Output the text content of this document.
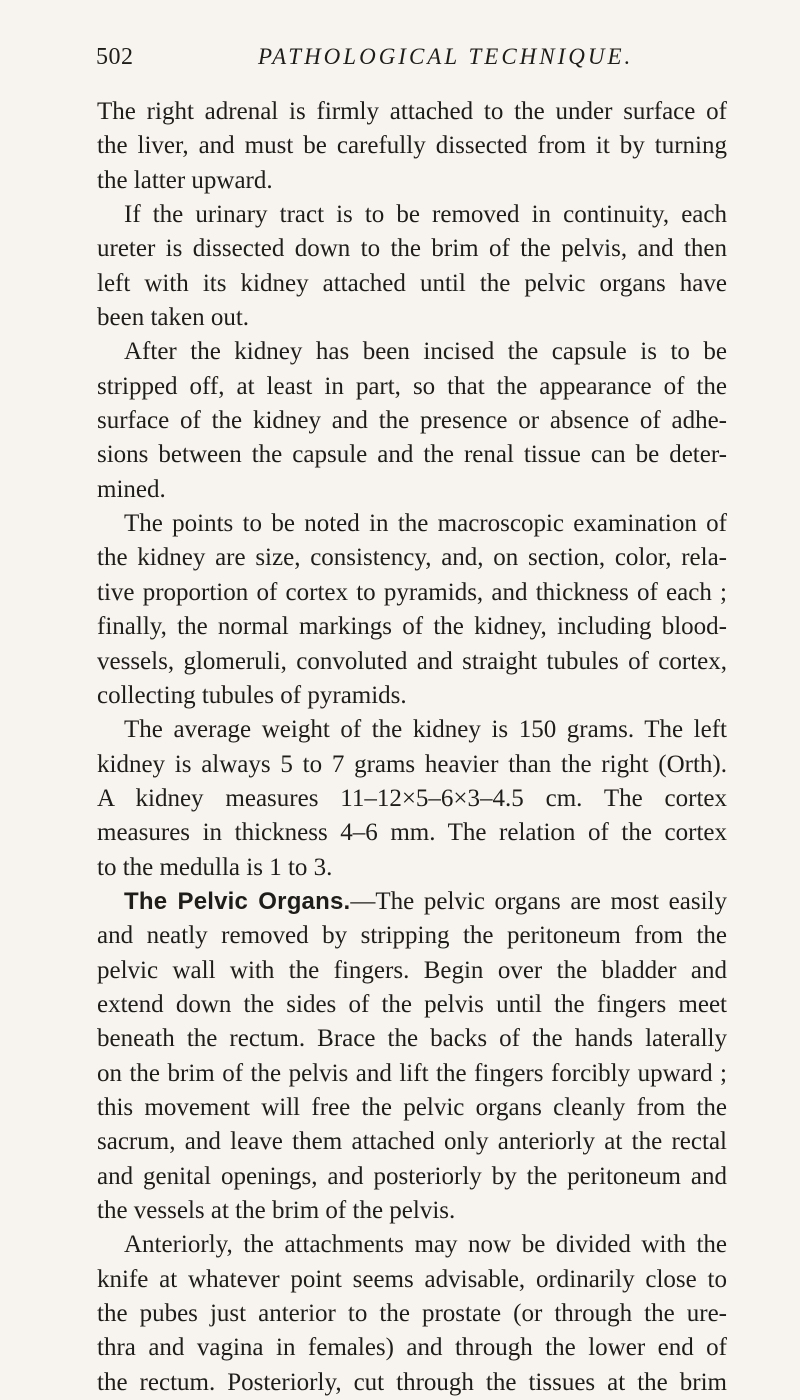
502	PATHOLOGICAL TECHNIQUE.
The right adrenal is firmly attached to the under surface of
the liver, and must be carefully dissected from it by turning
the latter upward.
If the urinary tract is to be removed in continuity, each
ureter is dissected down to the brim of the pelvis, and then
left with its kidney attached until the pelvic organs have
been taken out.
After the kidney has been incised the capsule is to be
stripped off, at least in part, so that the appearance of the
surface of the kidney and the presence or absence of adhe-
sions between the capsule and the renal tissue can be deter-
mined.
The points to be noted in the macroscopic examination of
the kidney are size, consistency, and, on section, color, rela-
tive proportion of cortex to pyramids, and thickness of each ;
finally, the normal markings of the kidney, including blood-
vessels, glomeruli, convoluted and straight tubules of cortex,
collecting tubules of pyramids.
The average weight of the kidney is 150 grams. The left
kidney is always 5 to 7 grams heavier than the right (Orth).
A kidney measures 11–12×5–6×3–4.5 cm. The cortex
measures in thickness 4–6 mm. The relation of the cortex
to the medulla is 1 to 3.
The Pelvic Organs.—The pelvic organs are most easily
and neatly removed by stripping the peritoneum from the
pelvic wall with the fingers. Begin over the bladder and
extend down the sides of the pelvis until the fingers meet
beneath the rectum. Brace the backs of the hands laterally
on the brim of the pelvis and lift the fingers forcibly upward ;
this movement will free the pelvic organs cleanly from the
sacrum, and leave them attached only anteriorly at the rectal
and genital openings, and posteriorly by the peritoneum and
the vessels at the brim of the pelvis.
Anteriorly, the attachments may now be divided with the
knife at whatever point seems advisable, ordinarily close to
the pubes just anterior to the prostate (or through the ure-
thra and vagina in females) and through the lower end of
the rectum. Posteriorly, cut through the tissues at the brim
